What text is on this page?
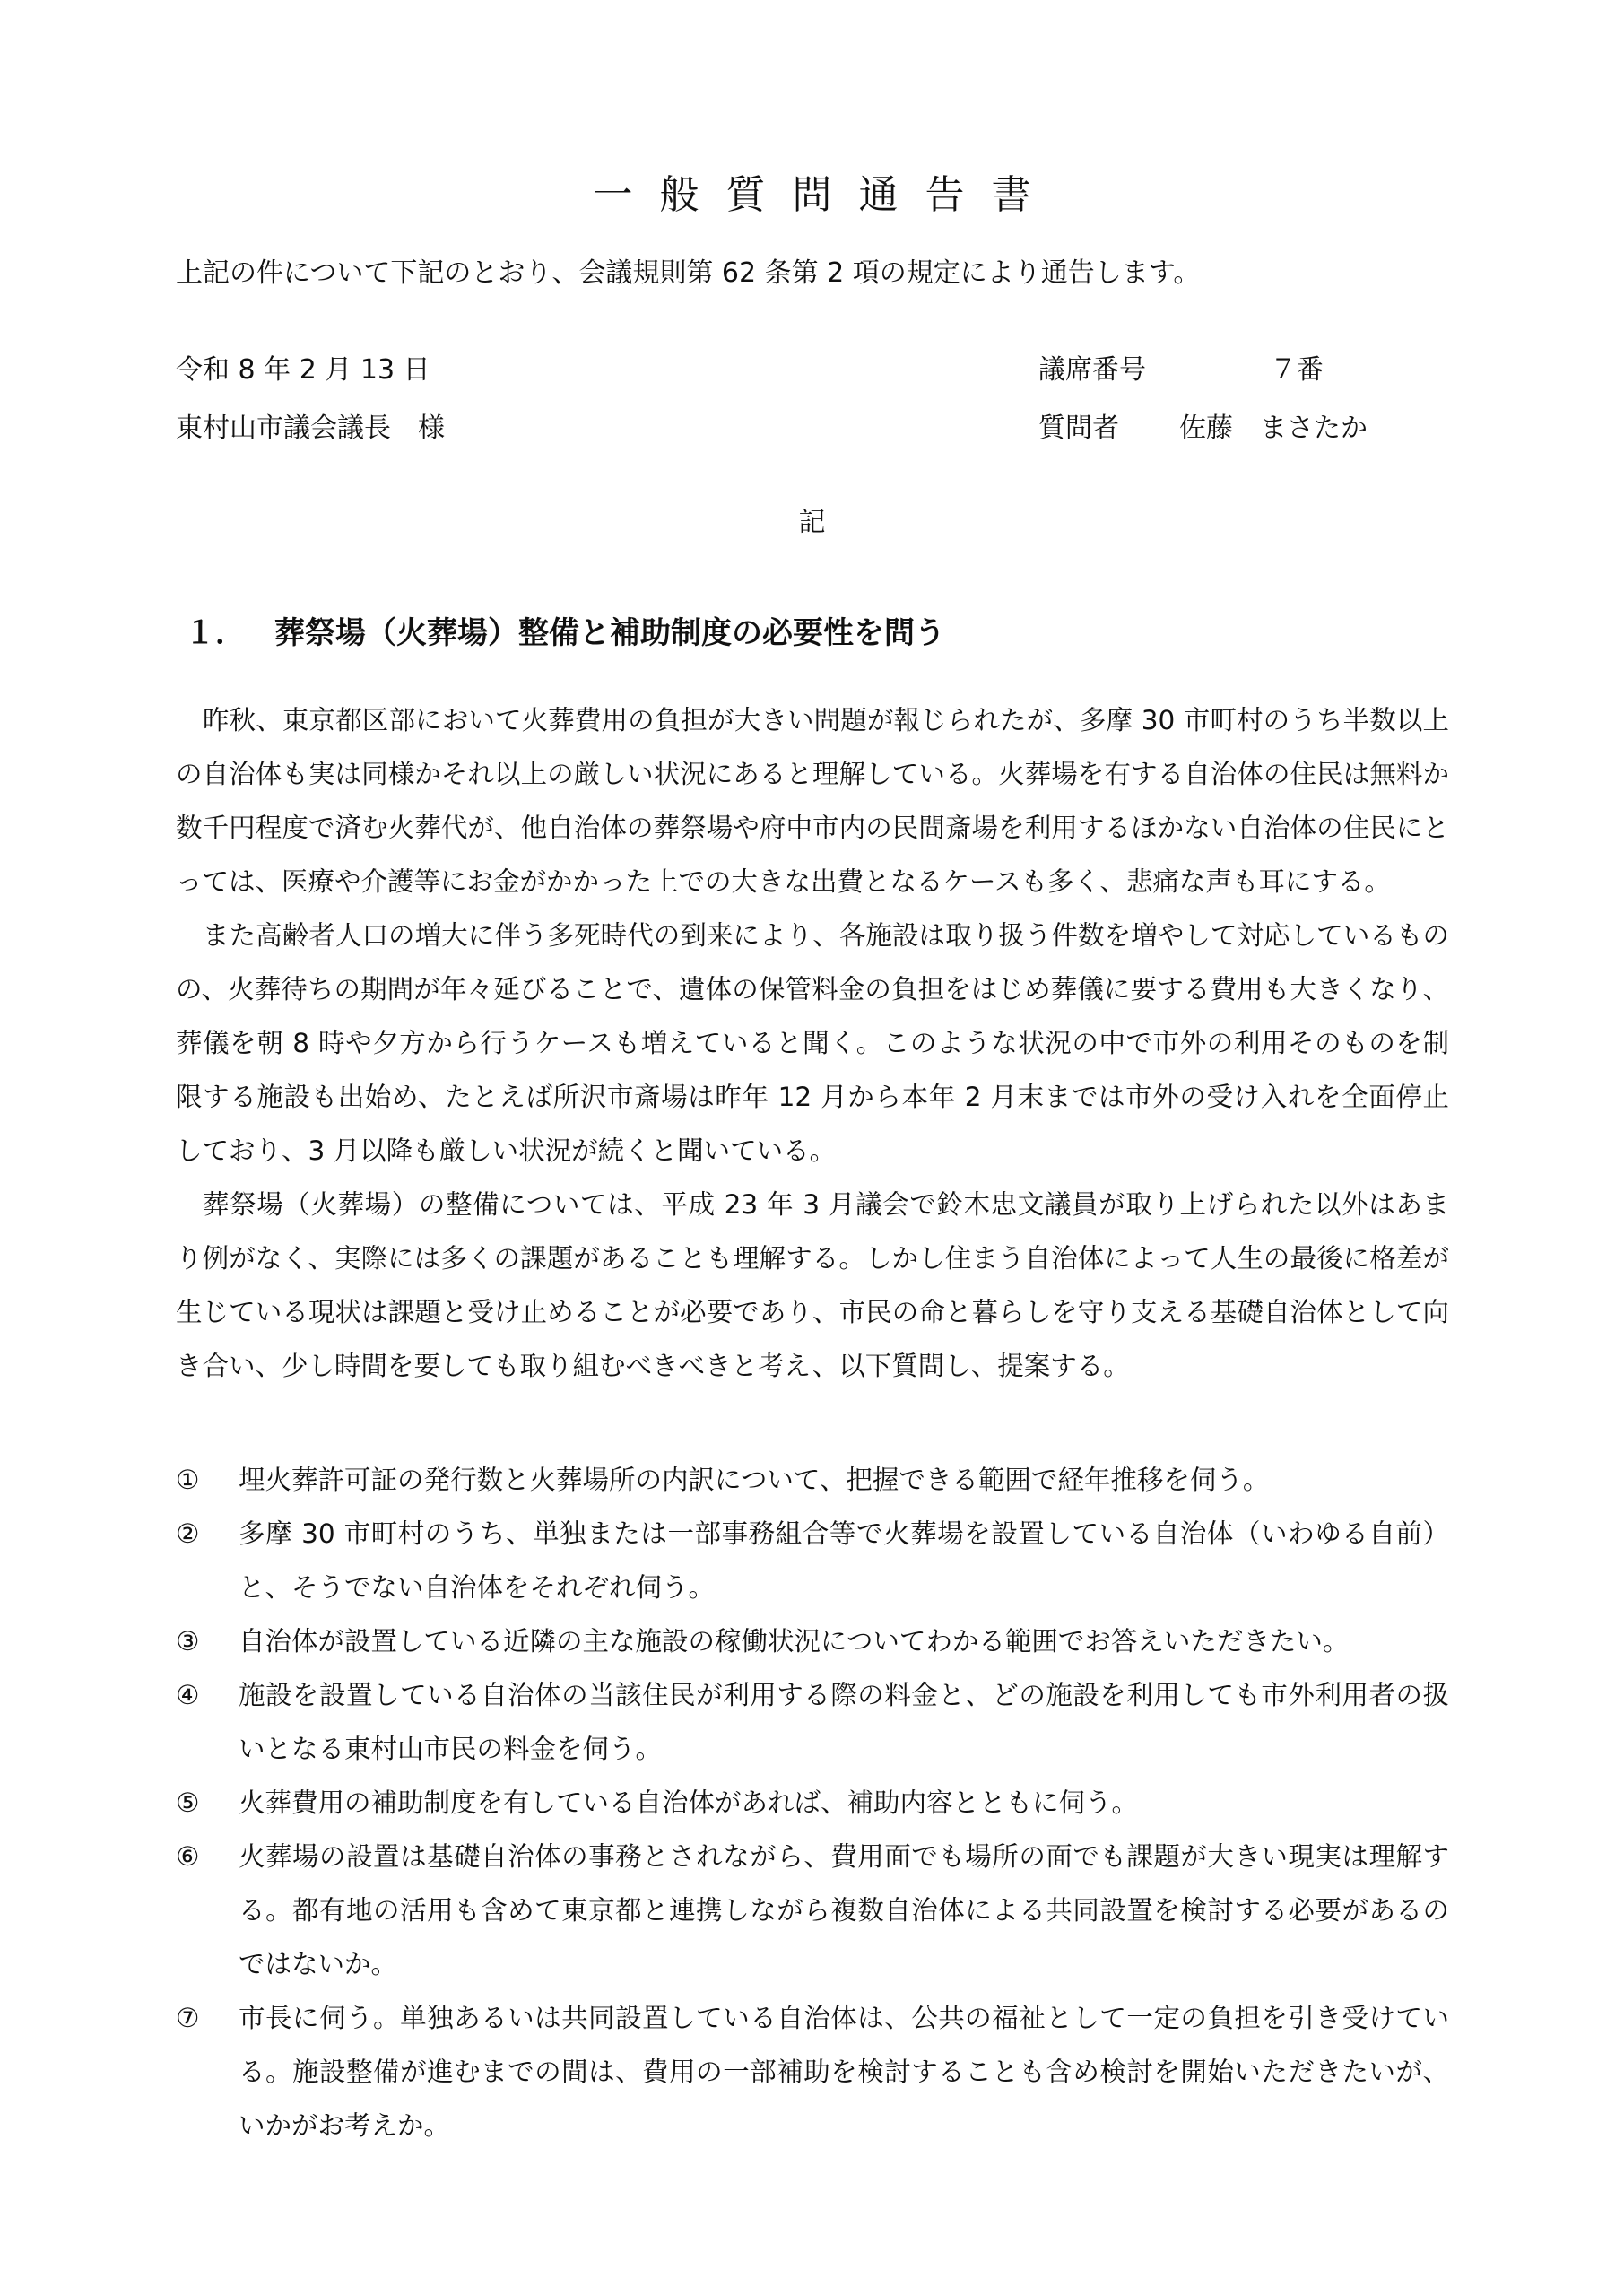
一般質問通告書
上記の件について下記のとおり、会議規則第 62 条第 2 項の規定により通告します。
令和 8 年 2 月 13 日
東村山市議会議長　様
議席番号	７番
質問者 佐藤　まさたか
記
１． 葬祭場（火葬場）整備と補助制度の必要性を問う

昨秋、東京都区部において火葬費用の負担が大きい問題が報じられたが、多摩 30 市町村のうち半数以上の自治体も実は同様かそれ以上の厳しい状況にあると理解している。火葬場を有する自治体の住民は無料か数千円程度で済む火葬代が、他自治体の葬祭場や府中市内の民間斎場を利用するほかない自治体の住民にとっては、医療や介護等にお金がかかった上での大きな出費となるケースも多く、悲痛な声も耳にする。

また高齢者人口の増大に伴う多死時代の到来により、各施設は取り扱う件数を増やして対応しているものの、火葬待ちの期間が年々延びることで、遺体の保管料金の負担をはじめ葬儀に要する費用も大きくなり、葬儀を朝 8 時や夕方から行うケースも増えていると聞く。このような状況の中で市外の利用そのものを制限する施設も出始め、たとえば所沢市斎場は昨年 12 月から本年 2 月末までは市外の受け入れを全面停止しており、3 月以降も厳しい状況が続くと聞いている。

葬祭場（火葬場）の整備については、平成 23 年 3 月議会で鈴木忠文議員が取り上げられた以外はあまり例がなく、実際には多くの課題があることも理解する。しかし住まう自治体によって人生の最後に格差が生じている現状は課題と受け止めることが必要であり、市民の命と暮らしを守り支える基礎自治体として向き合い、少し時間を要しても取り組むべきべきと考え、以下質問し、提案する。

①	埋火葬許可証の発行数と火葬場所の内訳について、把握できる範囲で経年推移を伺う。

②	多摩 30 市町村のうち、単独または一部事務組合等で火葬場を設置している自治体（いわゆる自前）と、そうでない自治体をそれぞれ伺う。

③	自治体が設置している近隣の主な施設の稼働状況についてわかる範囲でお答えいただきたい。

④	施設を設置している自治体の当該住民が利用する際の料金と、どの施設を利用しても市外利用者の扱いとなる東村山市民の料金を伺う。

⑤	火葬費用の補助制度を有している自治体があれば、補助内容とともに伺う。

⑥	火葬場の設置は基礎自治体の事務とされながら、費用面でも場所の面でも課題が大きい現実は理解する。都有地の活用も含めて東京都と連携しながら複数自治体による共同設置を検討する必要があるのではないか。

⑦	市長に伺う。単独あるいは共同設置している自治体は、公共の福祉として一定の負担を引き受けている。施設整備が進むまでの間は、費用の一部補助を検討することも含め検討を開始いただきたいが、いかがお考えか。
